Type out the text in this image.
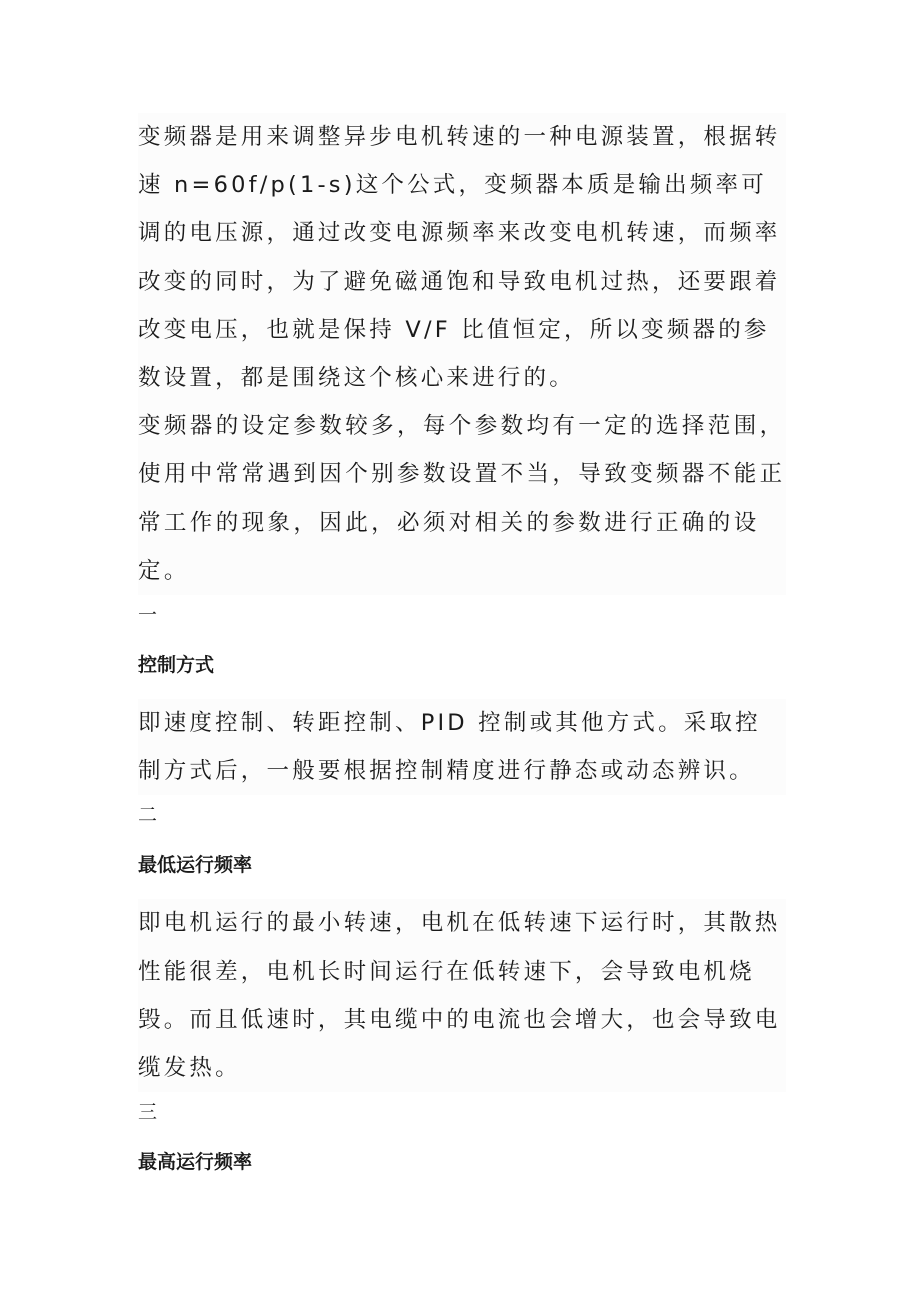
变频器是用来调整异步电机转速的一种电源装置，根据转速 n=60f/p(1-s)这个公式，变频器本质是输出频率可调的电压源，通过改变电源频率来改变电机转速，而频率改变的同时，为了避免磁通饱和导致电机过热，还要跟着改变电压，也就是保持 V/F 比值恒定，所以变频器的参数设置，都是围绕这个核心来进行的。

变频器的设定参数较多，每个参数均有一定的选择范围，使用中常常遇到因个别参数设置不当，导致变频器不能正常工作的现象，因此，必须对相关的参数进行正确的设定。

一
控制方式

即速度控制、转距控制、PID 控制或其他方式。采取控制方式后，一般要根据控制精度进行静态或动态辨识。

二
最低运行频率

即电机运行的最小转速，电机在低转速下运行时，其散热性能很差，电机长时间运行在低转速下，会导致电机烧毁。而且低速时，其电缆中的电流也会增大，也会导致电缆发热。

三
最高运行频率
